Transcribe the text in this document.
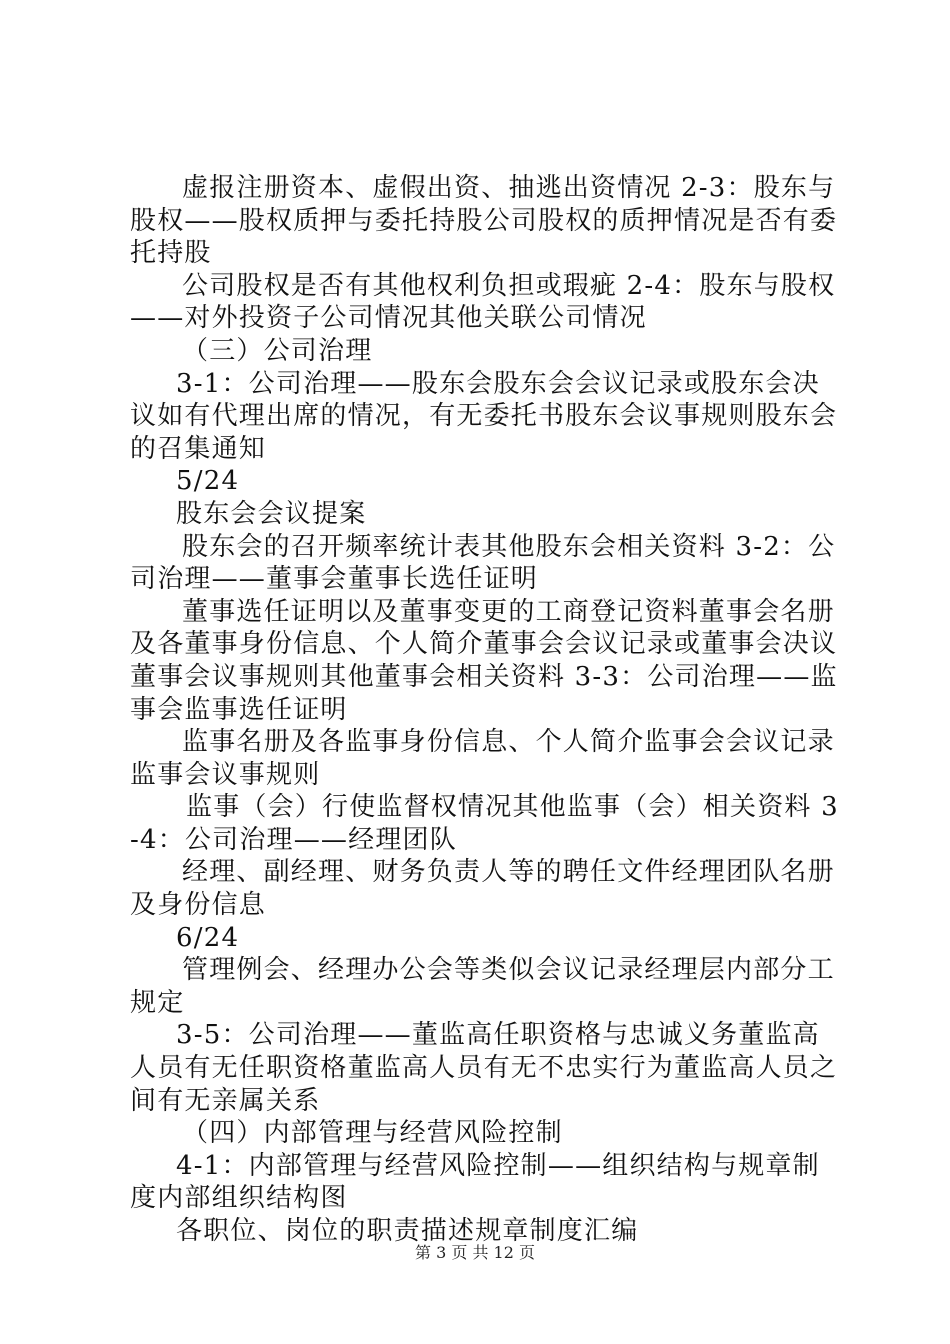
虚报注册资本、虚假出资、抽逃出资情况 2-3：股东与股权——股权质押与委托持股公司股权的质押情况是否有委托持股

公司股权是否有其他权利负担或瑕疵 2-4：股东与股权——对外投资子公司情况其他关联公司情况

（三）公司治理

3-1：公司治理——股东会股东会会议记录或股东会决议如有代理出席的情况，有无委托书股东会议事规则股东会的召集通知

5/24

股东会会议提案

股东会的召开频率统计表其他股东会相关资料 3-2：公司治理——董事会董事长选任证明

董事选任证明以及董事变更的工商登记资料董事会名册及各董事身份信息、个人简介董事会会议记录或董事会决议董事会议事规则其他董事会相关资料 3-3：公司治理——监事会监事选任证明

监事名册及各监事身份信息、个人简介监事会会议记录监事会议事规则

监事（会）行使监督权情况其他监事（会）相关资料 3-4：公司治理——经理团队

经理、副经理、财务负责人等的聘任文件经理团队名册及身份信息

6/24

管理例会、经理办公会等类似会议记录经理层内部分工规定

3-5：公司治理——董监高任职资格与忠诚义务董监高人员有无任职资格董监高人员有无不忠实行为董监高人员之间有无亲属关系

（四）内部管理与经营风险控制

4-1：内部管理与经营风险控制——组织结构与规章制度内部组织结构图

各职位、岗位的职责描述规章制度汇编

第 3 页 共 12 页
